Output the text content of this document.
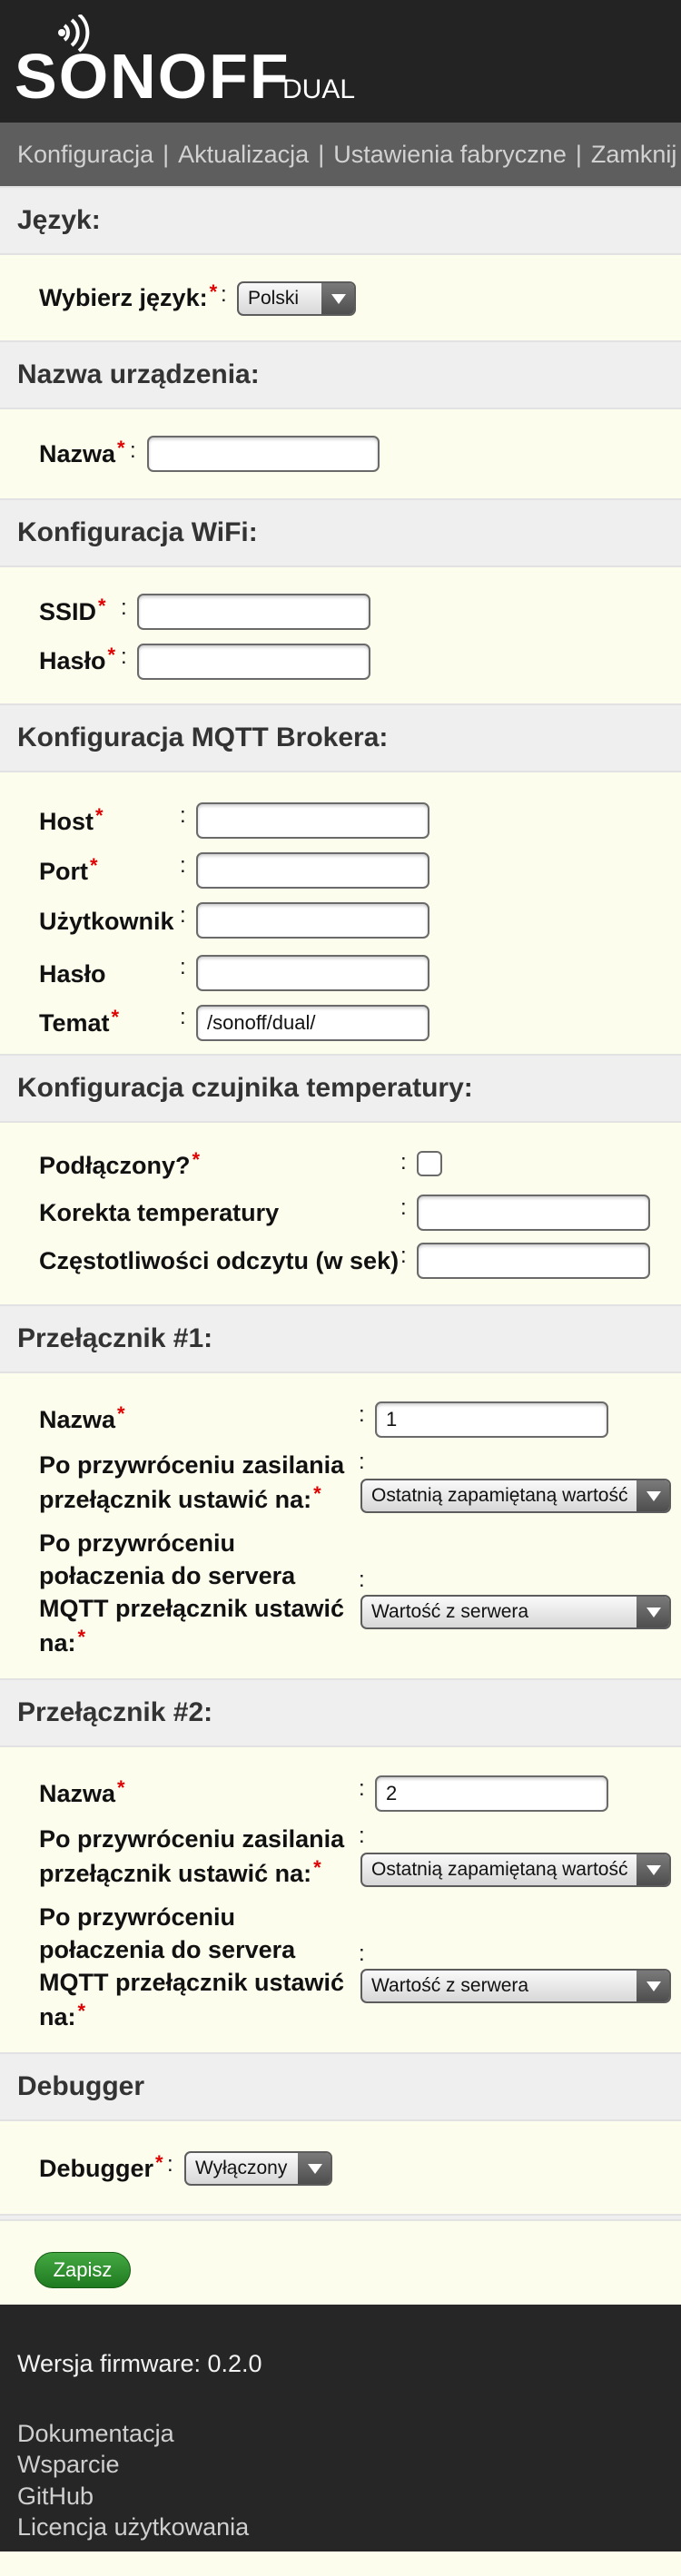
SONOFF
DUAL
Konfiguracja | Aktualizacja | Ustawienia fabryczne | Zamknij
Język:
Wybierz język:* : Polski
Nazwa urządzenia:
Nazwa* :
Konfiguracja WiFi:
SSID* :
Hasło* :
Konfiguracja MQTT Brokera:
Host*	:
Port*	:
Użytkownik :
Hasło	:
Temat*	:
/sonoff/dual/
Konfiguracja czujnika temperatury:
Podłączony?*	:
Korekta temperatury	:
Częstotliwości odczytu (w sek) :
Przełącznik #1:
Nazwa*	:
1
Po przywróceniu zasilania
przełącznik ustawić na:*
:
Ostatnią zapamiętaną wartość
Po przywróceniu
połaczenia do servera
MQTT przełącznik ustawić
na:*
:
Wartość z serwera
Przełącznik #2:
Nazwa*	:
2
Po przywróceniu zasilania
przełącznik ustawić na:*
:
Ostatnią zapamiętaną wartość
Po przywróceniu
połaczenia do servera
MQTT przełącznik ustawić
na:*
:
Wartość z serwera
Debugger
Debugger* : Wyłączony
Zapisz
Wersja firmware: 0.2.0
Dokumentacja
Wsparcie
GitHub
Licencja użytkowania
